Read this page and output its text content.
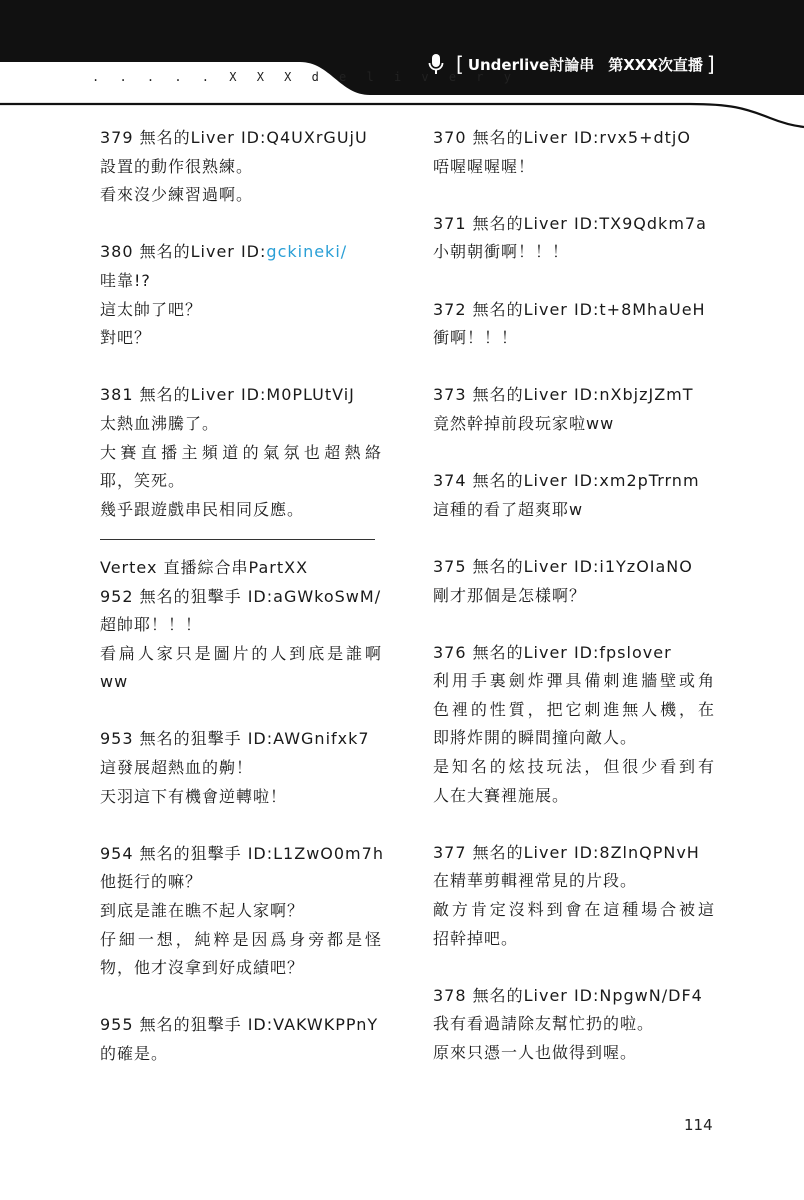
. . . . . X X X d e l i v e r y
[ Underlive討論串 第XXX次直播 ]
379 無名的Liver ID:Q4UXrGUjU
設置的動作很熟練。
看來沒少練習過啊。
380 無名的Liver ID:gckineki/
哇靠!?
這太帥了吧？
對吧？
381 無名的Liver ID:M0PLUtViJ
太熱血沸騰了。
大賽直播主頻道的氣氛也超熱絡
耶，笑死。
幾乎跟遊戲串民相同反應。
Vertex 直播綜合串PartXX
952 無名的狙擊手 ID:aGWkoSwM/
超帥耶！！！
看扁人家只是圖片的人到底是誰啊
ww
953 無名的狙擊手 ID:AWGnifxk7
這發展超熱血的齁！
天羽這下有機會逆轉啦！
954 無名的狙擊手 ID:L1ZwO0m7h
他挺行的嘛？
到底是誰在瞧不起人家啊？
仔細一想，純粹是因爲身旁都是怪
物，他才沒拿到好成績吧？
955 無名的狙擊手 ID:VAKWKPPnY
的確是。
370 無名的Liver ID:rvx5+dtjO
唔喔喔喔喔！
371 無名的Liver ID:TX9Qdkm7a
小朝朝衝啊！！！
372 無名的Liver ID:t+8MhaUeH
衝啊！！！
373 無名的Liver ID:nXbjzJZmT
竟然幹掉前段玩家啦ww
374 無名的Liver ID:xm2pTrrnm
這種的看了超爽耶w
375 無名的Liver ID:i1YzOIaNO
剛才那個是怎樣啊？
376 無名的Liver ID:fpslover
利用手裏劍炸彈具備刺進牆壁或角
色裡的性質，把它刺進無人機，在
即將炸開的瞬間撞向敵人。
是知名的炫技玩法，但很少看到有
人在大賽裡施展。
377 無名的Liver ID:8ZlnQPNvH
在精華剪輯裡常見的片段。
敵方肯定沒料到會在這種場合被這
招幹掉吧。
378 無名的Liver ID:NpgwN/DF4
我有看過請除友幫忙扔的啦。
原來只憑一人也做得到喔。
114
